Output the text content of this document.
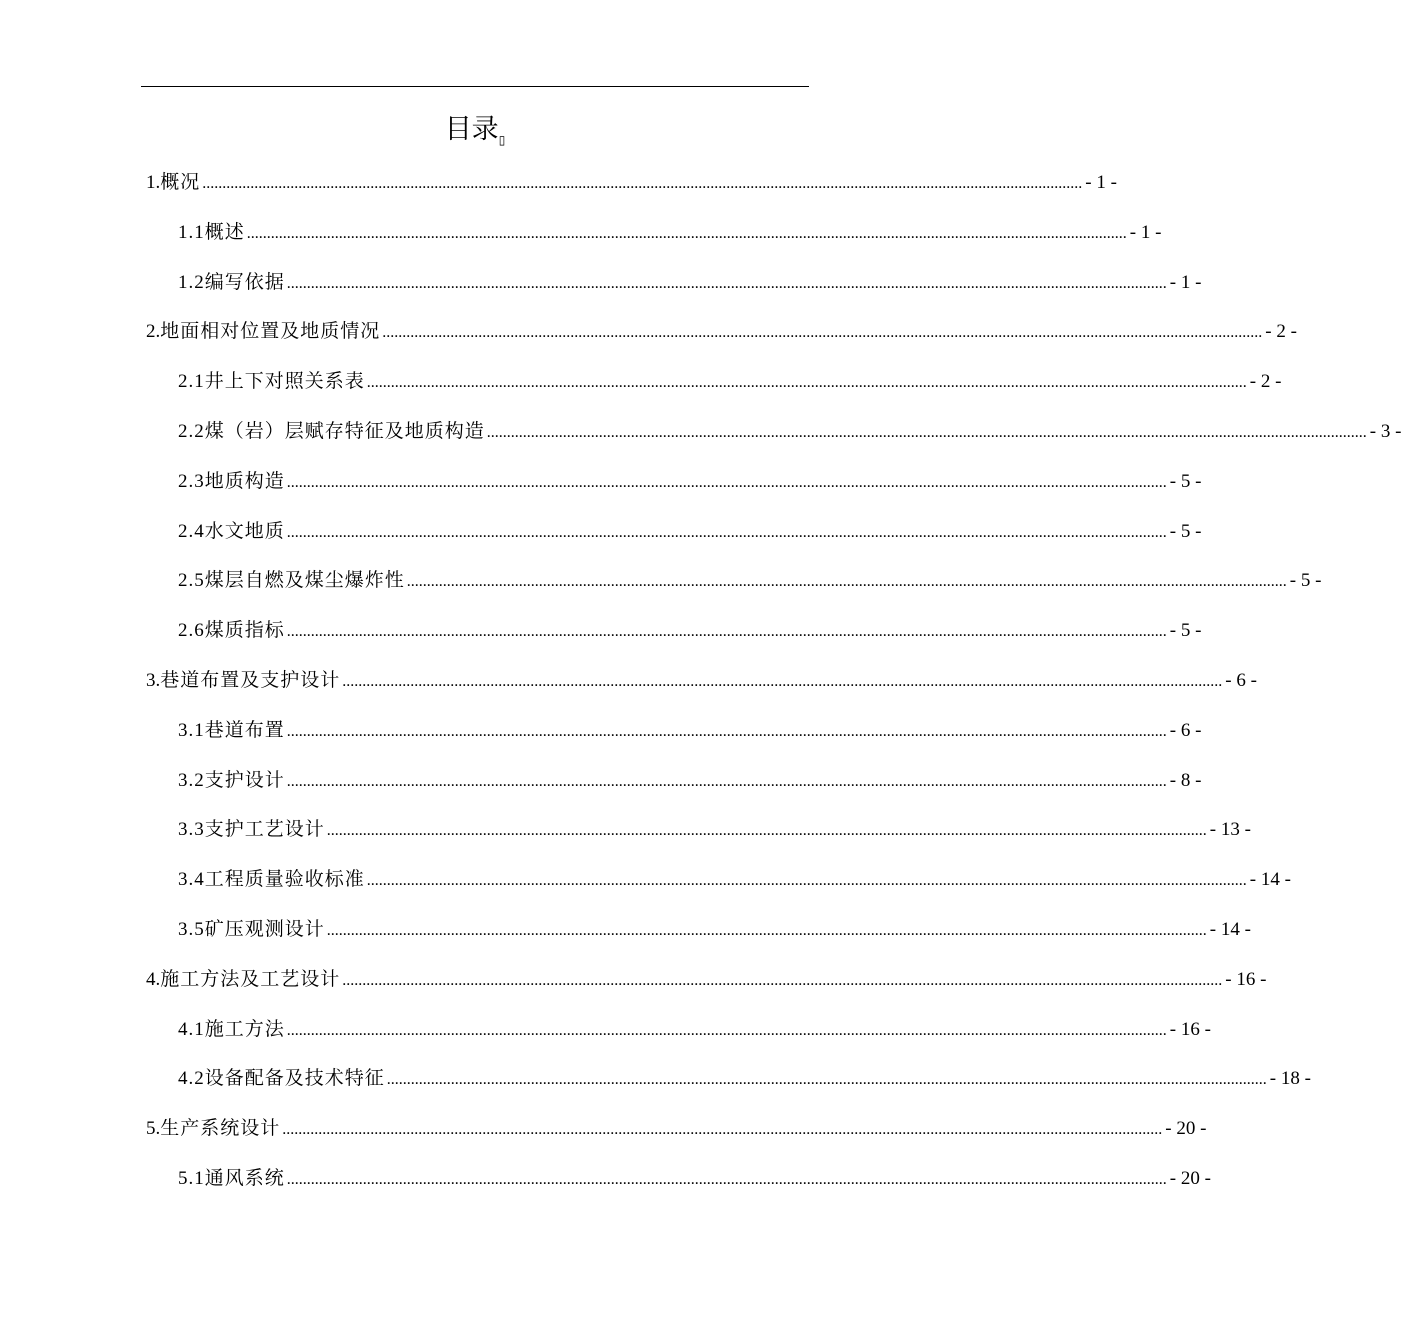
目录$_▯$
1. 概况 ............................................................................................................................................................................................................................ - 1 -
1.1 概述 ............................................................................................................................................................................................................................ - 1 -
1.2 编写依据 ............................................................................................................................................................................................................................ - 1 -
2. 地面相对位置及地质情况 ............................................................................................................................................................................................................................ - 2 -
2.1 井上下对照关系表 ............................................................................................................................................................................................................................ - 2 -
2.2 煤（岩）层赋存特征及地质构造 ............................................................................................................................................................................................................................ - 3 -
2.3 地质构造 ............................................................................................................................................................................................................................ - 5 -
2.4 水文地质 ............................................................................................................................................................................................................................ - 5 -
2.5 煤层自燃及煤尘爆炸性 ............................................................................................................................................................................................................................ - 5 -
2.6 煤质指标 ............................................................................................................................................................................................................................ - 5 -
3. 巷道布置及支护设计 ............................................................................................................................................................................................................................ - 6 -
3.1 巷道布置 ............................................................................................................................................................................................................................ - 6 -
3.2 支护设计 ............................................................................................................................................................................................................................ - 8 -
3.3 支护工艺设计 ............................................................................................................................................................................................................................ - 13 -
3.4 工程质量验收标准 ............................................................................................................................................................................................................................ - 14 -
3.5 矿压观测设计 ............................................................................................................................................................................................................................ - 14 -
4. 施工方法及工艺设计 ............................................................................................................................................................................................................................ - 16 -
4.1 施工方法 ............................................................................................................................................................................................................................ - 16 -
4.2 设备配备及技术特征 ............................................................................................................................................................................................................................ - 18 -
5. 生产系统设计 ............................................................................................................................................................................................................................ - 20 -
5.1 通风系统 ............................................................................................................................................................................................................................ - 20 -
